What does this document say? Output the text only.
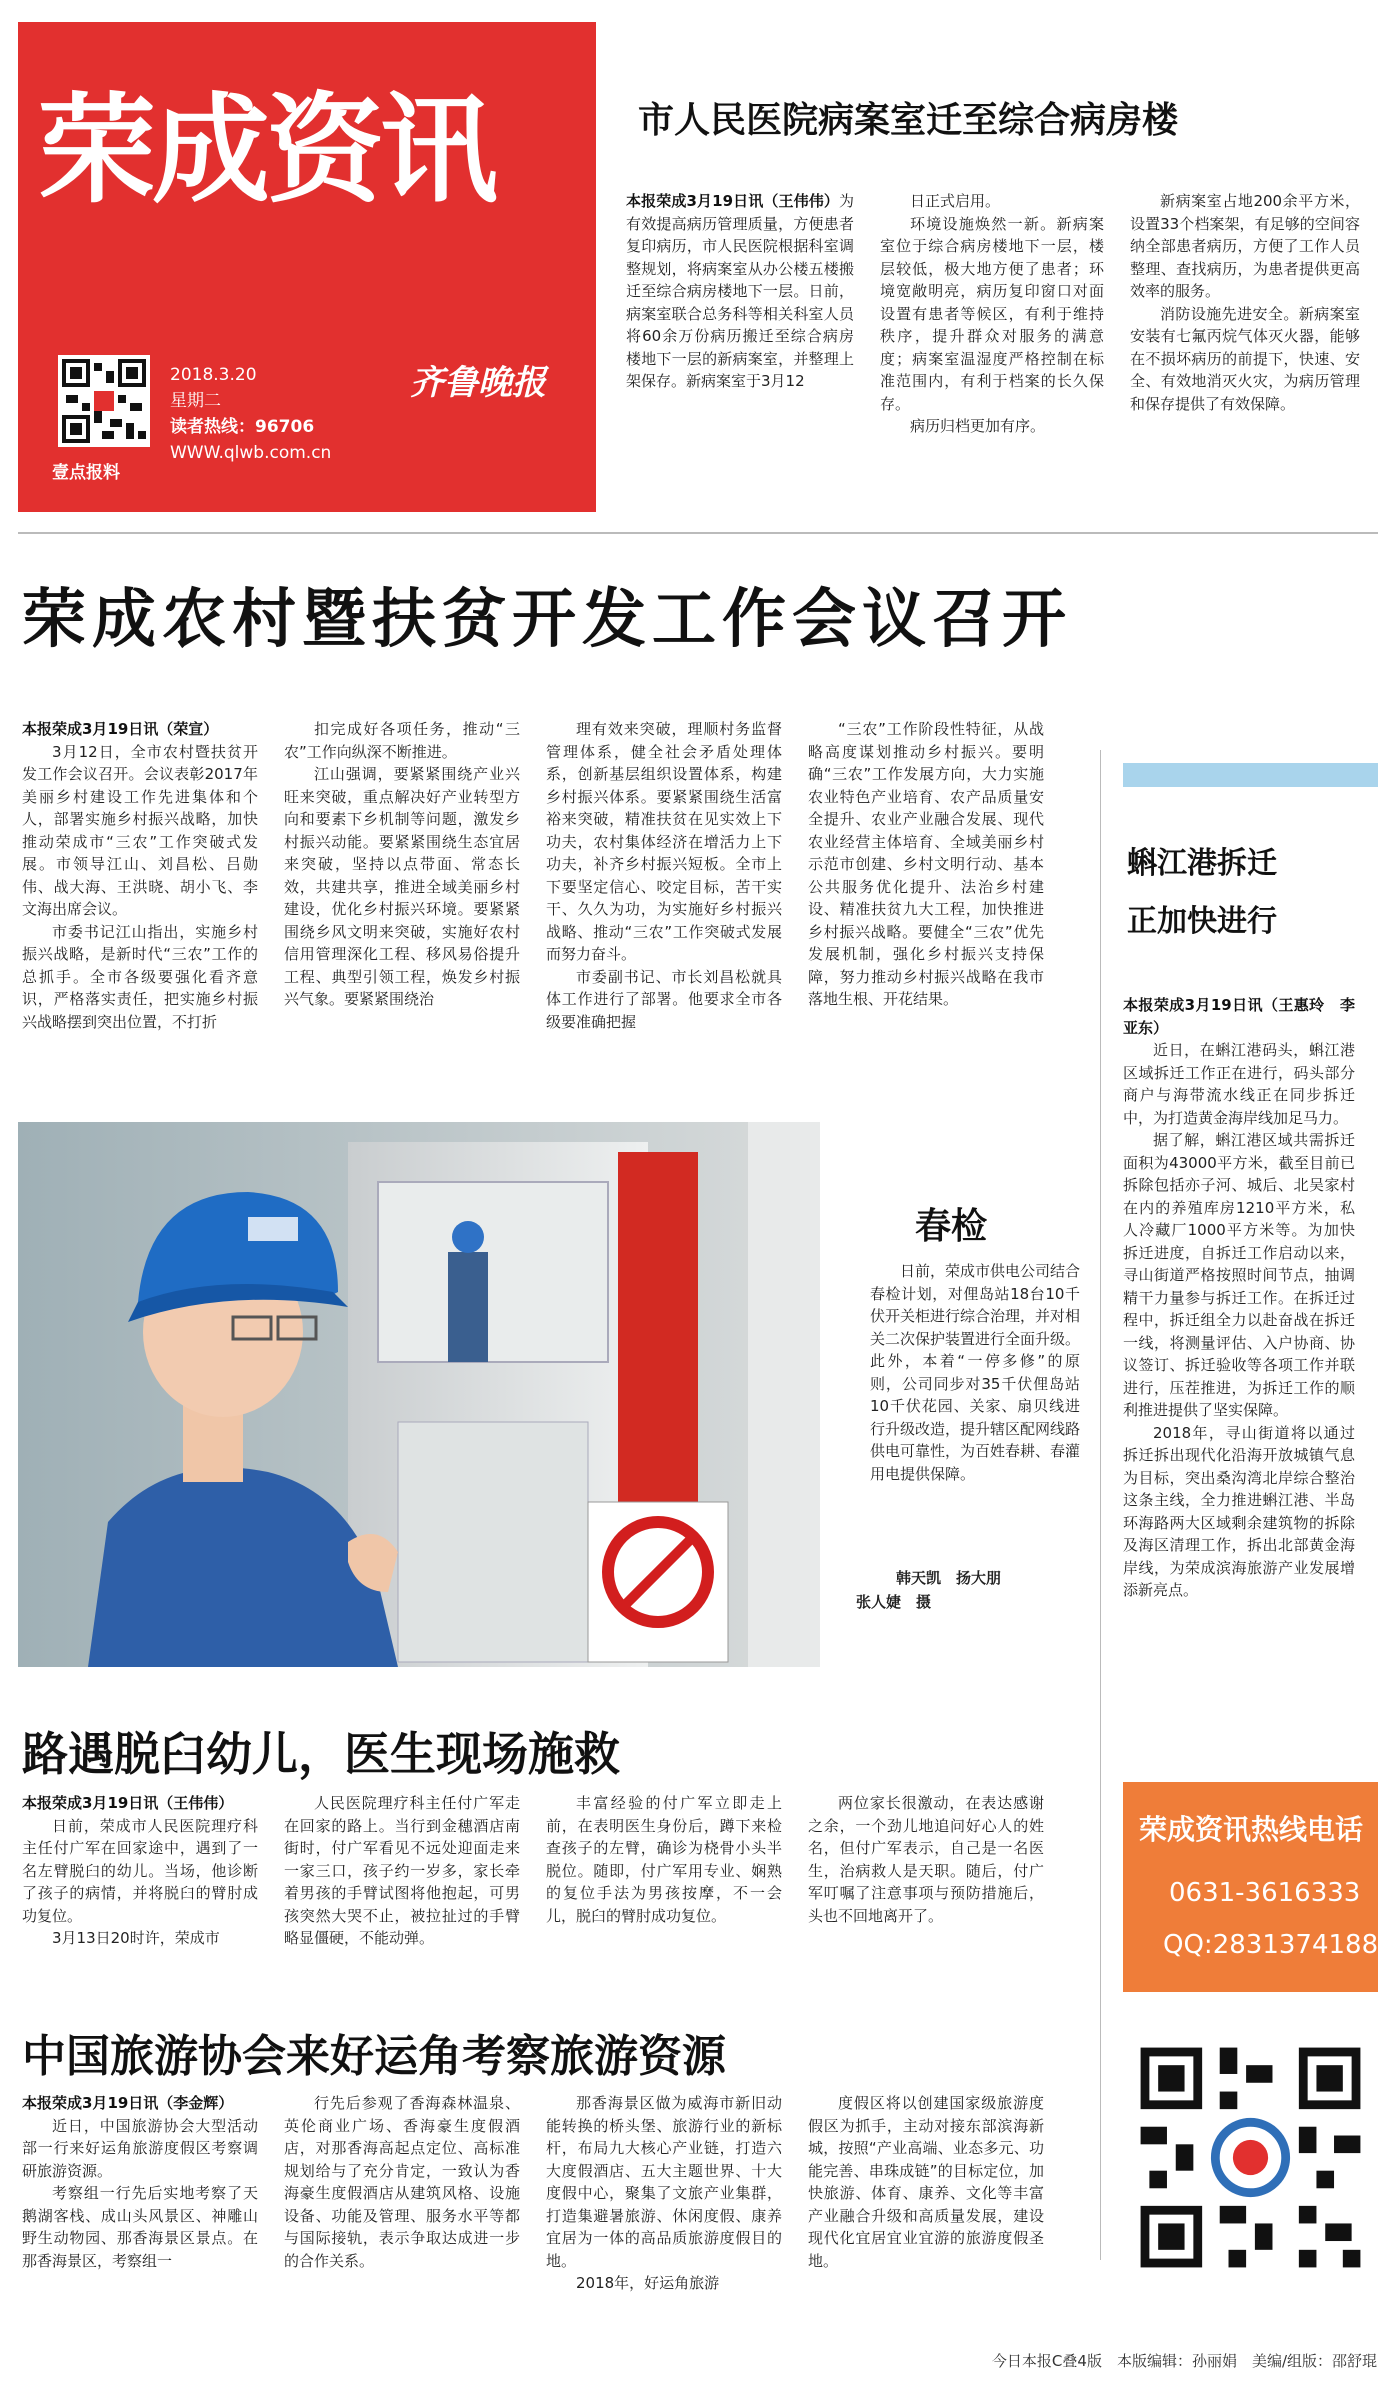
荣成资讯
壹点报料
2018.3.20
星期二
读者热线：96706
WWW.qlwb.com.cn
齐鲁晚报
市人民医院病案室迁至综合病房楼

本报荣成3月19日讯（王伟伟）为有效提高病历管理质量，方便患者复印病历，市人民医院根据科室调整规划，将病案室从办公楼五楼搬迁至综合病房楼地下一层。日前，病案室联合总务科等相关科室人员将60余万份病历搬迁至综合病房楼地下一层的新病案室，并整理上架保存。新病案室于3月12

日正式启用。

环境设施焕然一新。新病案室位于综合病房楼地下一层，楼层较低，极大地方便了患者；环境宽敞明亮，病历复印窗口对面设置有患者等候区，有利于维持秩序，提升群众对服务的满意度；病案室温湿度严格控制在标准范围内，有利于档案的长久保存。

病历归档更加有序。

新病案室占地200余平方米，设置33个档案架，有足够的空间容纳全部患者病历，方便了工作人员整理、查找病历，为患者提供更高效率的服务。

消防设施先进安全。新病案室安装有七氟丙烷气体灭火器，能够在不损坏病历的前提下，快速、安全、有效地消灭火灾，为病历管理和保存提供了有效保障。

荣成农村暨扶贫开发工作会议召开

本报荣成3月19日讯（荣宣）

3月12日，全市农村暨扶贫开发工作会议召开。会议表彰2017年美丽乡村建设工作先进集体和个人，部署实施乡村振兴战略，加快推动荣成市“三农”工作突破式发展。市领导江山、刘昌松、吕勋伟、战大海、王洪晓、胡小飞、李文海出席会议。

市委书记江山指出，实施乡村振兴战略，是新时代“三农”工作的总抓手。全市各级要强化看齐意识，严格落实责任，把实施乡村振兴战略摆到突出位置，不打折

扣完成好各项任务，推动“三农”工作向纵深不断推进。

江山强调，要紧紧围绕产业兴旺来突破，重点解决好产业转型方向和要素下乡机制等问题，激发乡村振兴动能。要紧紧围绕生态宜居来突破，坚持以点带面、常态长效，共建共享，推进全域美丽乡村建设，优化乡村振兴环境。要紧紧围绕乡风文明来突破，实施好农村信用管理深化工程、移风易俗提升工程、典型引领工程，焕发乡村振兴气象。要紧紧围绕治

理有效来突破，理顺村务监督管理体系，健全社会矛盾处理体系，创新基层组织设置体系，构建乡村振兴体系。要紧紧围绕生活富裕来突破，精准扶贫在见实效上下功夫，农村集体经济在增活力上下功夫，补齐乡村振兴短板。全市上下要坚定信心、咬定目标，苦干实干、久久为功，为实施好乡村振兴战略、推动“三农”工作突破式发展而努力奋斗。

市委副书记、市长刘昌松就具体工作进行了部署。他要求全市各级要准确把握

“三农”工作阶段性特征，从战略高度谋划推动乡村振兴。要明确“三农”工作发展方向，大力实施农业特色产业培育、农产品质量安全提升、农业产业融合发展、现代农业经营主体培育、全域美丽乡村示范市创建、乡村文明行动、基本公共服务优化提升、法治乡村建设、精准扶贫九大工程，加快推进乡村振兴战略。要健全“三农”优先发展机制，强化乡村振兴支持保障，努力推动乡村振兴战略在我市落地生根、开花结果。

春检

日前，荣成市供电公司结合春检计划，对俚岛站18台10千伏开关柜进行综合治理，并对相关二次保护装置进行全面升级。此外，本着“一停多修”的原则，公司同步对35千伏俚岛站10千伏花园、关家、扇贝线进行升级改造，提升辖区配网线路供电可靠性，为百姓春耕、春灌用电提供保障。

韩天凯　扬大朋
张人婕　摄
蝌江港拆迁
正加快进行

本报荣成3月19日讯（王惠玲　李亚东）

近日，在蝌江港码头，蝌江港区域拆迁工作正在进行，码头部分商户与海带流水线正在同步拆迁中，为打造黄金海岸线加足马力。

据了解，蝌江港区域共需拆迁面积为43000平方米，截至目前已拆除包括亦子河、城后、北吴家村在内的养殖库房1210平方米，私人冷藏厂1000平方米等。为加快拆迁进度，自拆迁工作启动以来，寻山街道严格按照时间节点，抽调精干力量参与拆迁工作。在拆迁过程中，拆迁组全力以赴奋战在拆迁一线，将测量评估、入户协商、协议签订、拆迁验收等各项工作并联进行，压茬推进，为拆迁工作的顺利推进提供了坚实保障。

2018年，寻山街道将以通过拆迁拆出现代化沿海开放城镇气息为目标，突出桑沟湾北岸综合整治这条主线，全力推进蝌江港、半岛环海路两大区域剩余建筑物的拆除及海区清理工作，拆出北部黄金海岸线，为荣成滨海旅游产业发展增添新亮点。

路遇脱臼幼儿，医生现场施救

本报荣成3月19日讯（王伟伟）

日前，荣成市人民医院理疗科主任付广军在回家途中，遇到了一名左臂脱臼的幼儿。当场，他诊断了孩子的病情，并将脱臼的臂肘成功复位。

3月13日20时许，荣成市

人民医院理疗科主任付广军走在回家的路上。当行到金穗酒店南街时，付广军看见不远处迎面走来一家三口，孩子约一岁多，家长牵着男孩的手臂试图将他抱起，可男孩突然大哭不止，被拉扯过的手臂略显僵硬，不能动弹。

丰富经验的付广军立即走上前，在表明医生身份后，蹲下来检查孩子的左臂，确诊为桡骨小头半脱位。随即，付广军用专业、娴熟的复位手法为男孩按摩，不一会儿，脱臼的臂肘成功复位。

两位家长很激动，在表达感谢之余，一个劲儿地追问好心人的姓名，但付广军表示，自己是一名医生，治病救人是天职。随后，付广军叮嘱了注意事项与预防措施后，头也不回地离开了。

荣成资讯热线电话
0631-3616333
QQ:2831374188
中国旅游协会来好运角考察旅游资源

本报荣成3月19日讯（李金辉）

近日，中国旅游协会大型活动部一行来好运角旅游度假区考察调研旅游资源。

考察组一行先后实地考察了天鹅湖客栈、成山头风景区、神雕山野生动物园、那香海景区景点。在那香海景区，考察组一

行先后参观了香海森林温泉、英伦商业广场、香海豪生度假酒店，对那香海高起点定位、高标准规划给与了充分肯定，一致认为香海豪生度假酒店从建筑风格、设施设备、功能及管理、服务水平等都与国际接轨，表示争取达成进一步的合作关系。

那香海景区做为威海市新旧动能转换的桥头堡、旅游行业的新标杆，布局九大核心产业链，打造六大度假酒店、五大主题世界、十大度假中心，聚集了文旅产业集群，打造集避暑旅游、休闲度假、康养宜居为一体的高品质旅游度假目的地。

2018年，好运角旅游

度假区将以创建国家级旅游度假区为抓手，主动对接东部滨海新城，按照“产业高端、业态多元、功能完善、串珠成链”的目标定位，加快旅游、体育、康养、文化等丰富产业融合升级和高质量发展，建设现代化宜居宜业宜游的旅游度假圣地。

今日本报C叠4版　本版编辑：孙丽娟　美编/组版：邵舒琨
